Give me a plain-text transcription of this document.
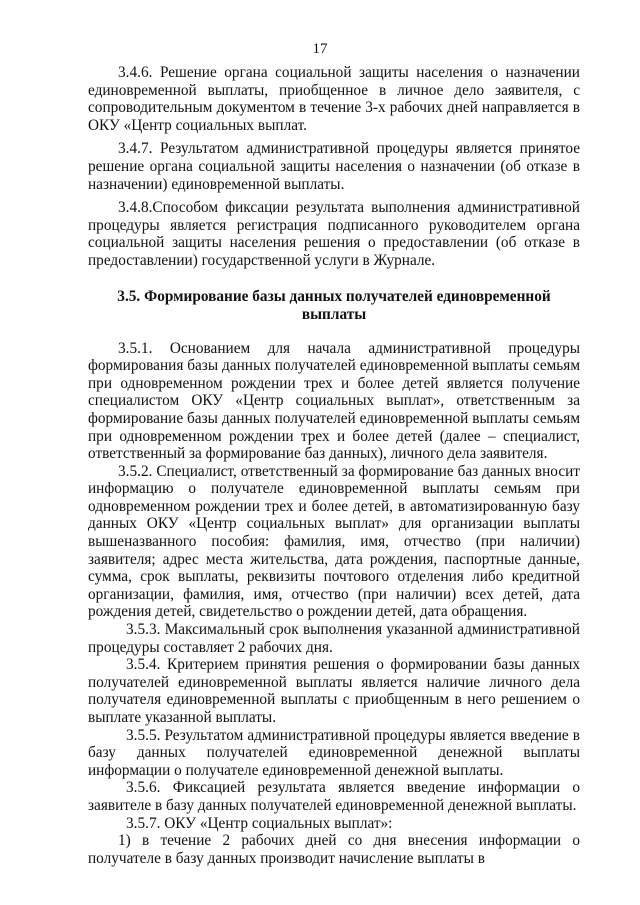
17

3.4.6. Решение органа социальной защиты населения о назначении единовременной выплаты, приобщенное в личное дело заявителя, с сопроводительным документом в течение 3-х рабочих дней направляется в ОКУ «Центр социальных выплат.

3.4.7. Результатом административной процедуры является принятое решение органа социальной защиты населения о назначении (об отказе в назначении) единовременной выплаты.

3.4.8.Способом фиксации результата выполнения административной процедуры является регистрация подписанного руководителем органа социальной защиты населения решения о предоставлении (об отказе в предоставлении) государственной услуги в Журнале.

3.5. Формирование базы данных получателей единовременной выплаты

3.5.1. Основанием для начала административной процедуры формирования базы данных получателей единовременной выплаты семьям при одновременном рождении трех и более детей является получение специалистом ОКУ «Центр социальных выплат», ответственным за формирование базы данных получателей единовременной выплаты семьям при одновременном рождении трех и более детей (далее – специалист, ответственный за формирование баз данных), личного дела заявителя.

3.5.2. Специалист, ответственный за формирование баз данных вносит информацию о получателе единовременной выплаты семьям при одновременном рождении трех и более детей, в автоматизированную базу данных ОКУ «Центр социальных выплат» для организации выплаты вышеназванного пособия: фамилия, имя, отчество (при наличии) заявителя; адрес места жительства, дата рождения, паспортные данные, сумма, срок выплаты, реквизиты почтового отделения либо кредитной организации, фамилия, имя, отчество (при наличии) всех детей, дата рождения детей, свидетельство о рождении детей, дата обращения.

3.5.3. Максимальный срок выполнения указанной административной процедуры составляет 2 рабочих дня.

3.5.4. Критерием принятия решения о формировании базы данных получателей единовременной выплаты является наличие личного дела получателя единовременной выплаты с приобщенным в него решением о выплате указанной выплаты.

3.5.5. Результатом административной процедуры является введение в базу данных получателей единовременной денежной выплаты информации о получателе единовременной денежной выплаты.

3.5.6. Фиксацией результата является введение информации о заявителе в базу данных получателей единовременной денежной выплаты.

3.5.7. ОКУ «Центр социальных выплат»:

1) в течение 2 рабочих дней со дня внесения информации о получателе в базу данных производит начисление выплаты в
